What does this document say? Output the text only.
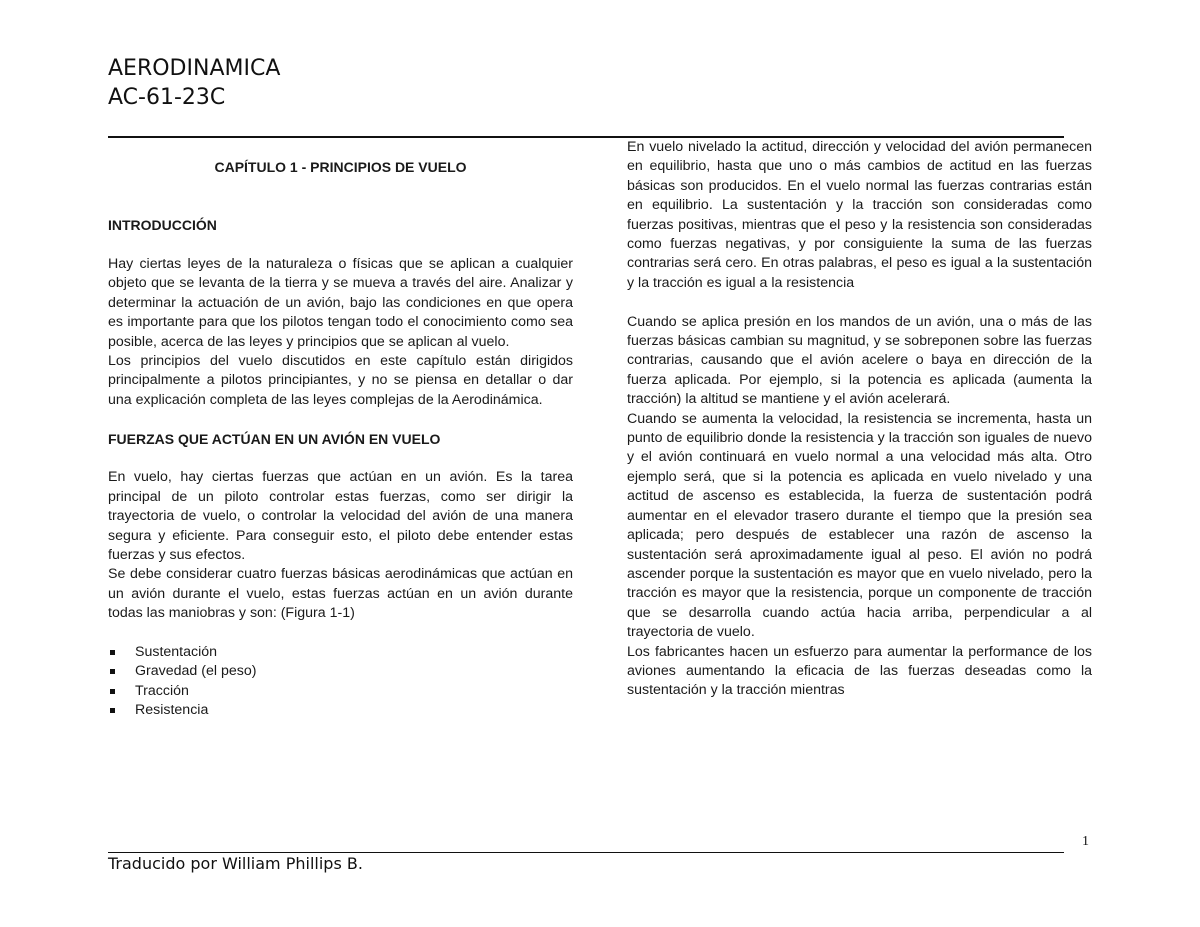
AERODINAMICA
AC-61-23C

CAPÍTULO 1 - PRINCIPIOS DE VUELO

INTRODUCCIÓN

Hay ciertas leyes de la naturaleza o físicas que se aplican a cualquier objeto que se levanta de la tierra y se mueva a través del aire. Analizar y determinar la actuación de un avión, bajo las condiciones en que opera es importante para que los pilotos tengan todo el conocimiento como sea posible, acerca de las leyes y principios que se aplican al vuelo.

Los principios del vuelo discutidos en este capítulo están dirigidos principalmente a pilotos principiantes, y no se piensa en detallar o dar una explicación completa de las leyes complejas de la Aerodinámica.

FUERZAS QUE ACTÚAN EN UN AVIÓN EN VUELO

En vuelo, hay ciertas fuerzas que actúan en un avión. Es la tarea principal de un piloto controlar estas fuerzas, como ser dirigir la trayectoria de vuelo, o controlar la velocidad del avión de una manera segura y eficiente. Para conseguir esto, el piloto debe entender estas fuerzas y sus efectos.

Se debe considerar cuatro fuerzas básicas aerodinámicas que actúan en un avión durante el vuelo, estas fuerzas actúan en un avión durante todas las maniobras y son: (Figura 1-1)

Sustentación
Gravedad (el peso)
Tracción
Resistencia

En vuelo nivelado la actitud, dirección y velocidad del avión permanecen en equilibrio, hasta que uno o más cambios de actitud en las fuerzas básicas son producidos. En el vuelo normal las fuerzas contrarias están en equilibrio. La sustentación y la tracción son consideradas como fuerzas positivas, mientras que el peso y la resistencia son consideradas como fuerzas negativas, y por consiguiente la suma de las fuerzas contrarias será cero. En otras palabras, el peso es igual a la sustentación y la tracción es igual a la resistencia

Cuando se aplica presión en los mandos de un avión, una o más de las fuerzas básicas cambian su magnitud, y se sobreponen sobre las fuerzas contrarias, causando que el avión acelere o baya en dirección de la fuerza aplicada. Por ejemplo, si la potencia es aplicada (aumenta la tracción) la altitud se mantiene y el avión acelerará.

Cuando se aumenta la velocidad, la resistencia se incrementa, hasta un punto de equilibrio donde la resistencia y la tracción son iguales de nuevo y el avión continuará en vuelo normal a una velocidad más alta. Otro ejemplo será, que si la potencia es aplicada en vuelo nivelado y una actitud de ascenso es establecida, la fuerza de sustentación podrá aumentar en el elevador trasero durante el tiempo que la presión sea aplicada; pero después de establecer una razón de ascenso la sustentación será aproximadamente igual al peso. El avión no podrá ascender porque la sustentación es mayor que en vuelo nivelado, pero la tracción es mayor que la resistencia, porque un componente de tracción que se desarrolla cuando actúa hacia arriba, perpendicular a al trayectoria de vuelo.

Los fabricantes hacen un esfuerzo para aumentar la performance de los aviones aumentando la eficacia de las fuerzas deseadas como la sustentación y la tracción mientras

1
Traducido por William Phillips B.
